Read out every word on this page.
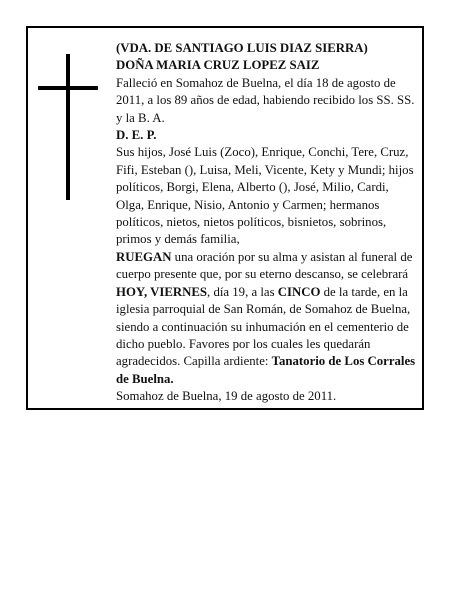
(VDA. DE SANTIAGO LUIS DIAZ SIERRA)

DOÑA MARIA CRUZ LOPEZ SAIZ

Falleció en Somahoz de Buelna, el día 18 de agosto de 2011, a los 89 años de edad, habiendo recibido los SS. SS. y la B. A.

D. E. P.

Sus hijos, José Luis (Zoco), Enrique, Conchi, Tere, Cruz, Fifi, Esteban (), Luisa, Meli, Vicente, Kety y Mundi; hijos políticos, Borgi, Elena, Alberto (), José, Milio, Cardi, Olga, Enrique, Nisio, Antonio y Carmen; hermanos políticos, nietos, nietos políticos, bisnietos, sobrinos, primos y demás familia,

RUEGAN una oración por su alma y asistan al funeral de cuerpo presente que, por su eterno descanso, se celebrará HOY, VIERNES, día 19, a las CINCO de la tarde, en la iglesia parroquial de San Román, de Somahoz de Buelna, siendo a continuación su inhumación en el cementerio de dicho pueblo. Favores por los cuales les quedarán agradecidos. Capilla ardiente: Tanatorio de Los Corrales de Buelna.

Somahoz de Buelna, 19 de agosto de 2011.
